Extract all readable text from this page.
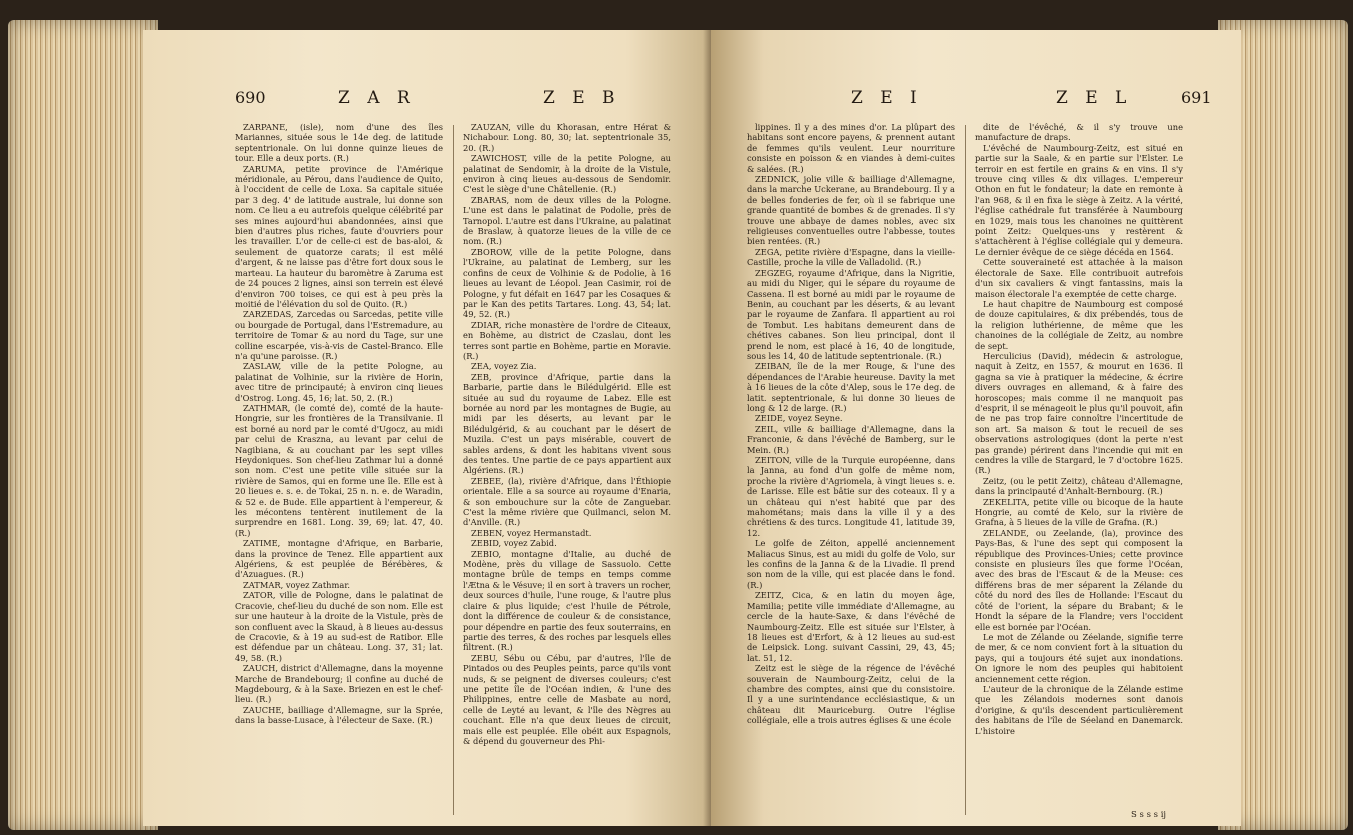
690	Z A R	Z E B

ZARPANE, (isle), nom d'une des îles Mariannes, située sous le 14e deg. de latitude septentrionale. On lui donne quinze lieues de tour. Elle a deux ports. (R.)

ZARUMA, petite province de l'Amérique méridionale, au Pérou, dans l'audience de Quito, à l'occident de celle de Loxa. Sa capitale située par 3 deg. 4' de latitude australe, lui donne son nom. Ce lieu a eu autrefois quelque célébrité par ses mines aujourd'hui abandonnées, ainsi que bien d'autres plus riches, faute d'ouvriers pour les travailler. L'or de celle-ci est de bas-aloi, & seulement de quatorze carats; il est mêlé d'argent, & ne laisse pas d'être fort doux sous le marteau. La hauteur du baromètre à Zaruma est de 24 pouces 2 lignes, ainsi son terrein est élevé d'environ 700 toises, ce qui est à peu près la moitié de l'élévation du sol de Quito. (R.)

ZARZEDAS, Zarcedas ou Sarcedas, petite ville ou bourgade de Portugal, dans l'Estremadure, au territoire de Tomar & au nord du Tage, sur une colline escarpée, vis-à-vis de Castel-Branco. Elle n'a qu'une paroisse. (R.)

ZASLAW, ville de la petite Pologne, au palatinat de Volhinie, sur la rivière de Horin, avec titre de principauté; à environ cinq lieues d'Ostrog. Long. 45, 16; lat. 50, 2. (R.)

ZATHMAR, (le comté de), comté de la haute-Hongrie, sur les frontières de la Transilvanie. Il est borné au nord par le comté d'Ugocz, au midi par celui de Kraszna, au levant par celui de Nagibiana, & au couchant par les sept villes Heydoniques. Son chef-lieu Zathmar lui a donné son nom. C'est une petite ville située sur la rivière de Samos, qui en forme une île. Elle est à 20 lieues e. s. e. de Tokai, 25 n. n. e. de Waradin, & 52 e. de Bude. Elle appartient à l'empereur, & les mécontens tentèrent inutilement de la surprendre en 1681. Long. 39, 69; lat. 47, 40. (R.)

ZATIME, montagne d'Afrique, en Barbarie, dans la province de Tenez. Elle appartient aux Algériens, & est peuplée de Bérébères, & d'Azuagues. (R.)

ZATMAR, voyez Zathmar.

ZATOR, ville de Pologne, dans le palatinat de Cracovie, chef-lieu du duché de son nom. Elle est sur une hauteur à la droite de la Vistule, près de son confluent avec la Skaud, à 8 lieues au-dessus de Cracovie, & à 19 au sud-est de Ratibor. Elle est défendue par un château. Long. 37, 31; lat. 49, 58. (R.)

ZAUCH, district d'Allemagne, dans la moyenne Marche de Brandebourg; il confine au duché de Magdebourg, & à la Saxe. Briezen en est le chef-lieu. (R.)

ZAUCHE, bailliage d'Allemagne, sur la Sprée, dans la basse-Lusace, à l'électeur de Saxe. (R.)

ZAUZAN, ville du Khorasan, entre Hérat & Nichabour. Long. 80, 30; lat. septentrionale 35, 20. (R.)

ZAWICHOST, ville de la petite Pologne, au palatinat de Sendomir, à la droite de la Vistule, environ à cinq lieues au-dessous de Sendomir. C'est le siège d'une Châtellenie. (R.)

ZBARAS, nom de deux villes de la Pologne. L'une est dans le palatinat de Podolie, près de Tarnopol. L'autre est dans l'Ukraine, au palatinat de Braslaw, à quatorze lieues de la ville de ce nom. (R.)

ZBOROW, ville de la petite Pologne, dans l'Ukraine, au palatinat de Lemberg, sur les confins de ceux de Volhinie & de Podolie, à 16 lieues au levant de Léopol. Jean Casimir, roi de Pologne, y fut défait en 1647 par les Cosaques & par le Kan des petits Tartares. Long. 43, 54; lat. 49, 52. (R.)

ZDIAR, riche monastère de l'ordre de Citeaux, en Bohème, au district de Czaslau, dont les terres sont partie en Bohème, partie en Moravie. (R.)

ZEA, voyez Zia.

ZEB, province d'Afrique, partie dans la Barbarie, partie dans le Bilédulgérid. Elle est située au sud du royaume de Labez. Elle est bornée au nord par les montagnes de Bugie, au midi par les déserts, au levant par le Bilédulgérid, & au couchant par le désert de Muzila. C'est un pays misérable, couvert de sables ardens, & dont les habitans vivent sous des tentes. Une partie de ce pays appartient aux Algériens. (R.)

ZEBEE, (la), rivière d'Afrique, dans l'Éthiopie orientale. Elle a sa source au royaume d'Enaria, & son embouchure sur la côte de Zanguebar. C'est la même rivière que Quilmanci, selon M. d'Anville. (R.)

ZEBEN, voyez Hermanstadt.

ZEBID, voyez Zabid.

ZEBIO, montagne d'Italie, au duché de Modène, près du village de Sassuolo. Cette montagne brûle de temps en temps comme l'Ætna & le Vésuve; il en sort à travers un rocher, deux sources d'huile, l'une rouge, & l'autre plus claire & plus liquide; c'est l'huile de Pétrole, dont la différence de couleur & de consistance, pour dépendre en partie des feux souterrains, en partie des terres, & des roches par lesquels elles filtrent. (R.)

ZEBU, Sébu ou Cébu, par d'autres, l'île de Pintados ou des Peuples peints, parce qu'ils vont nuds, & se peignent de diverses couleurs; c'est une petite île de l'Océan indien, & l'une des Philippines, entre celle de Masbate au nord, celle de Leyté au levant, & l'île des Nègres au couchant. Elle n'a que deux lieues de circuit, mais elle est peuplée. Elle obéit aux Espagnols, & dépend du gouverneur des Phi-

Z E I	Z E L	691

lippines. Il y a des mines d'or. La plûpart des habitans sont encore payens, & prennent autant de femmes qu'ils veulent. Leur nourriture consiste en poisson & en viandes à demi-cuites & salées. (R.)

ZEDNICK, jolie ville & bailliage d'Allemagne, dans la marche Uckerane, au Brandebourg. Il y a de belles fonderies de fer, où il se fabrique une grande quantité de bombes & de grenades. Il s'y trouve une abbaye de dames nobles, avec six religieuses conventuelles outre l'abbesse, toutes bien rentées. (R.)

ZEGA, petite rivière d'Espagne, dans la vieille-Castille, proche la ville de Valladolid. (R.)

ZEGZEG, royaume d'Afrique, dans la Nigritie, au midi du Niger, qui le sépare du royaume de Cassena. Il est borné au midi par le royaume de Benin, au couchant par les déserts, & au levant par le royaume de Zanfara. Il appartient au roi de Tombut. Les habitans demeurent dans de chétives cabanes. Son lieu principal, dont il prend le nom, est placé à 16, 40 de longitude, sous les 14, 40 de latitude septentrionale. (R.)

ZEIBAN, île de la mer Rouge, & l'une des dépendances de l'Arabie heureuse. Davity la met à 16 lieues de la côte d'Alep, sous le 17e deg. de latit. septentrionale, & lui donne 30 lieues de long & 12 de large. (R.)

ZEIDE, voyez Seyne.

ZEIL, ville & bailliage d'Allemagne, dans la Franconie, & dans l'évêché de Bamberg, sur le Mein. (R.)

ZEITON, ville de la Turquie européenne, dans la Janna, au fond d'un golfe de même nom, proche la rivière d'Agriomela, à vingt lieues s. e. de Larisse. Elle est bâtie sur des coteaux. Il y a un château qui n'est habité que par des mahométans; mais dans la ville il y a des chrétiens & des turcs. Longitude 41, latitude 39, 12.

Le golfe de Zéiton, appellé anciennement Maliacus Sinus, est au midi du golfe de Volo, sur les confins de la Janna & de la Livadie. Il prend son nom de la ville, qui est placée dans le fond. (R.)

ZEITZ, Cica, & en latin du moyen âge, Mamilia; petite ville immédiate d'Allemagne, au cercle de la haute-Saxe, & dans l'évêché de Naumbourg-Zeitz. Elle est située sur l'Elster, à 18 lieues est d'Erfort, & à 12 lieues au sud-est de Leipsick. Long. suivant Cassini, 29, 43, 45; lat. 51, 12.

Zeitz est le siège de la régence de l'évêché souverain de Naumbourg-Zeitz, celui de la chambre des comptes, ainsi que du consistoire. Il y a une surintendance ecclésiastique, & un château dit Mauriceburg. Outre l'église collégiale, elle a trois autres églises & une école

dite de l'évêché, & il s'y trouve une manufacture de draps.

L'évêché de Naumbourg-Zeitz, est situé en partie sur la Saale, & en partie sur l'Elster. Le terroir en est fertile en grains & en vins. Il s'y trouve cinq villes & dix villages. L'empereur Othon en fut le fondateur; la date en remonte à l'an 968, & il en fixa le siège à Zeitz. A la vérité, l'église cathédrale fut transférée à Naumbourg en 1029, mais tous les chanoines ne quittèrent point Zeitz: Quelques-uns y restèrent & s'attachèrent à l'église collégiale qui y demeura. Le dernier évêque de ce siège décéda en 1564.

Cette souveraineté est attachée à la maison électorale de Saxe. Elle contribuoit autrefois d'un six cavaliers & vingt fantassins, mais la maison électorale l'a exemptée de cette charge.

Le haut chapitre de Naumbourg est composé de douze capitulaires, & dix prébendés, tous de la religion luthérienne, de même que les chanoines de la collégiale de Zeitz, au nombre de sept.

Herculicius (David), médecin & astrologue, naquit à Zeitz, en 1557, & mourut en 1636. Il gagna sa vie à pratiquer la médecine, & écrire divers ouvrages en allemand, & à faire des horoscopes; mais comme il ne manquoit pas d'esprit, il se ménageoit le plus qu'il pouvoit, afin de ne pas trop faire connoître l'incertitude de son art. Sa maison & tout le recueil de ses observations astrologiques (dont la perte n'est pas grande) périrent dans l'incendie qui mit en cendres la ville de Stargard, le 7 d'octobre 1625. (R.)

Zeitz, (ou le petit Zeitz), château d'Allemagne, dans la principauté d'Anhalt-Bernbourg. (R.)

ZEKELITA, petite ville ou bicoque de la haute Hongrie, au comté de Kelo, sur la rivière de Grafna, à 5 lieues de la ville de Grafna. (R.)

ZELANDE, ou Zeelande, (la), province des Pays-Bas, & l'une des sept qui composent la république des Provinces-Unies; cette province consiste en plusieurs îles que forme l'Océan, avec des bras de l'Escaut & de la Meuse: ces différens bras de mer séparent la Zélande du côté du nord des îles de Hollande: l'Escaut du côté de l'orient, la sépare du Brabant; & le Hondt la sépare de la Flandre; vers l'occident elle est bornée par l'Océan.

Le mot de Zélande ou Zéelande, signifie terre de mer, & ce nom convient fort à la situation du pays, qui a toujours été sujet aux inondations. On ignore le nom des peuples qui habitoient anciennement cette région.

L'auteur de la chronique de la Zélande estime que les Zélandois modernes sont danois d'origine, & qu'ils descendent particulièrement des habitans de l'île de Séeland en Danemarck. L'histoire

S s s s ij
